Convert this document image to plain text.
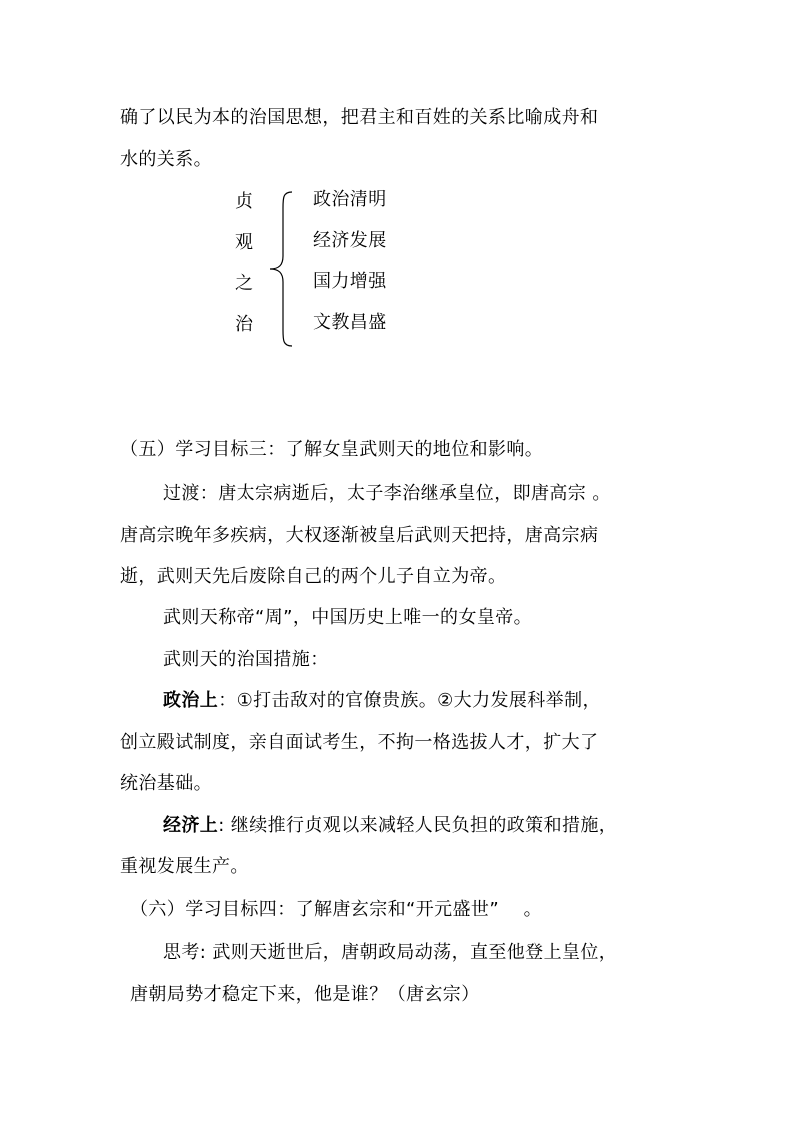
确了以民为本的治国思想，把君主和百姓的关系比喻成舟和
水的关系。
贞
观
之
治
政治清明
经济发展
国力增强
文教昌盛
（五）学习目标三：了解女皇武则天的地位和影响。
过渡：唐太宗病逝后，太子李治继承皇位，即唐高宗 。
唐高宗晚年多疾病，大权逐渐被皇后武则天把持，唐高宗病
逝，武则天先后废除自己的两个儿子自立为帝。
武则天称帝“周”，中国历史上唯一的女皇帝。
武则天的治国措施：
政治上：①打击敌对的官僚贵族。②大力发展科举制，
创立殿试制度，亲自面试考生，不拘一格选拔人才，扩大了
统治基础。
经济上: 继续推行贞观以来减轻人民负担的政策和措施，
重视发展生产。
（六）学习目标四：了解唐玄宗和“开元盛世”　 。
思考: 武则天逝世后，唐朝政局动荡，直至他登上皇位，
唐朝局势才稳定下来，他是谁？（唐玄宗）
